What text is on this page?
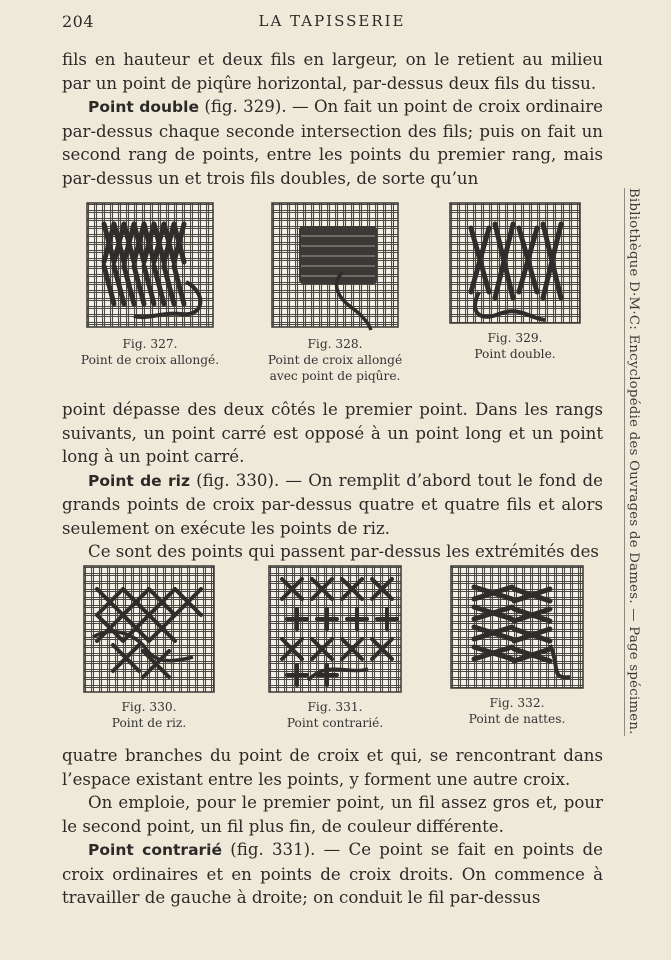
204	LA TAPISSERIE

fils en hauteur et deux fils en largeur, on le retient au milieu par un point de piqûre horizontal, par-dessus deux fils du tissu.

Point double (fig. 329). — On fait un point de croix ordinaire par-dessus chaque seconde intersection des fils; puis on fait un second rang de points, entre les points du premier rang, mais par-dessus un et trois fils doubles, de sorte qu’un

Fig. 327.
Point de croix allongé.
Fig. 328.
Point de croix allongé
avec point de piqûre.
Fig. 329.
Point double.

point dépasse des deux côtés le premier point. Dans les rangs suivants, un point carré est opposé à un point long et un point long à un point carré.

Point de riz (fig. 330). — On remplit d’abord tout le fond de grands points de croix par-dessus quatre et quatre fils et alors seulement on exécute les points de riz.

Ce sont des points qui passent par-dessus les extrémités des

Fig. 330.
Point de riz.
Fig. 331.
Point contrarié.
Fig. 332.
Point de nattes.

quatre branches du point de croix et qui, se rencontrant dans l’espace existant entre les points, y forment une autre croix.

On emploie, pour le premier point, un fil assez gros et, pour le second point, un fil plus fin, de couleur différente.

Point contrarié (fig. 331). — Ce point se fait en points de croix ordinaires et en points de croix droits. On commence à travailler de gauche à droite; on conduit le fil par-dessus

Bibliothèque D·M·C: Encyclopédie des Ouvrages de Dames. — Page spécimen.
